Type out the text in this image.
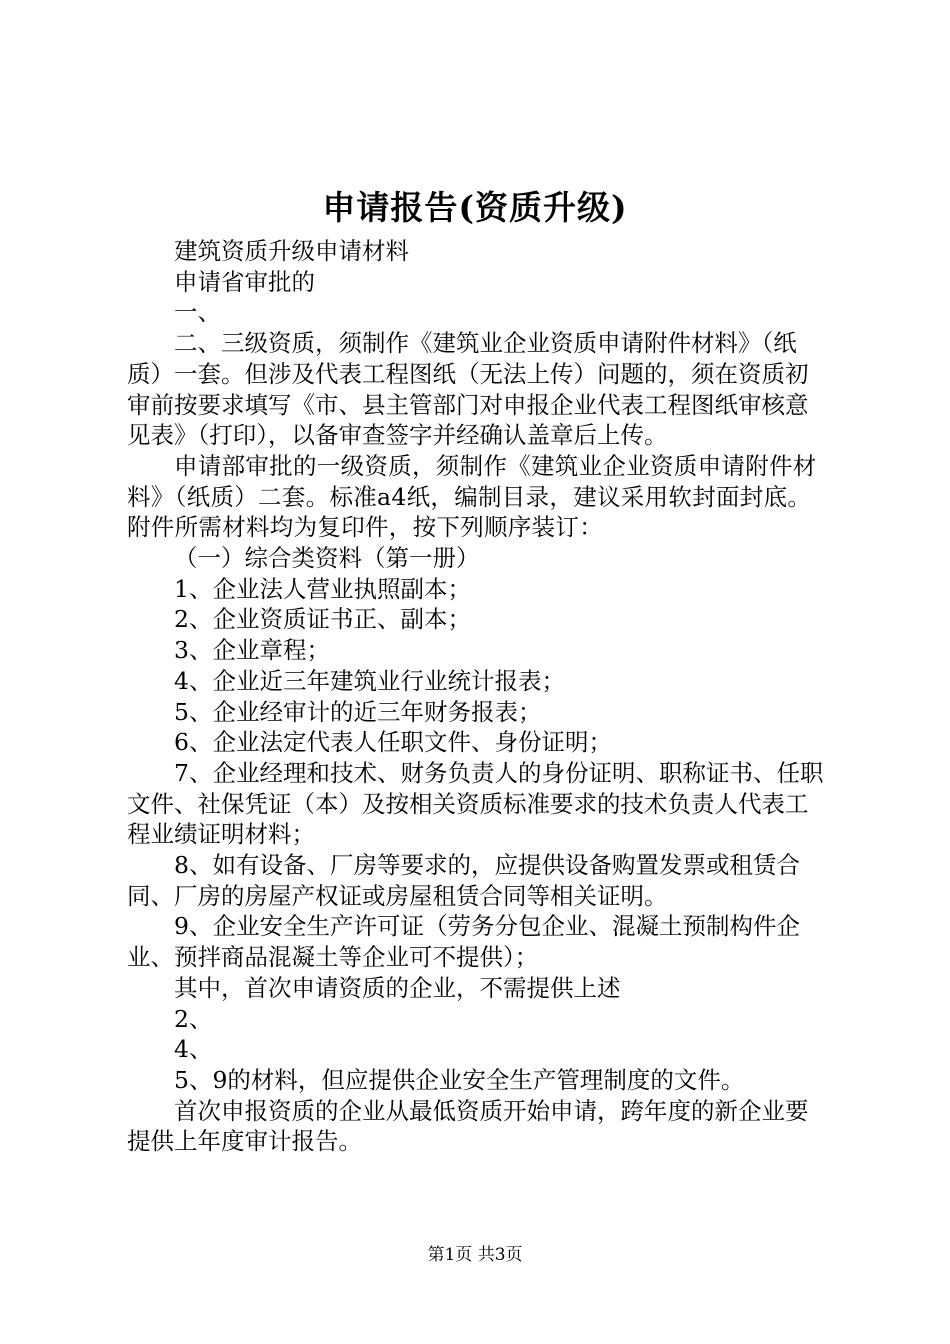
申请报告(资质升级)

建筑资质升级申请材料

申请省审批的

一、

二、三级资质，须制作《建筑业企业资质申请附件材料》（纸质）一套。但涉及代表工程图纸（无法上传）问题的，须在资质初审前按要求填写《市、县主管部门对申报企业代表工程图纸审核意见表》（打印），以备审查签字并经确认盖章后上传。

申请部审批的一级资质，须制作《建筑业企业资质申请附件材料》（纸质）二套。标准a4纸，编制目录，建议采用软封面封底。附件所需材料均为复印件，按下列顺序装订：

（一）综合类资料（第一册）

1、企业法人营业执照副本；

2、企业资质证书正、副本；

3、企业章程；

4、企业近三年建筑业行业统计报表；

5、企业经审计的近三年财务报表；

6、企业法定代表人任职文件、身份证明；

7、企业经理和技术、财务负责人的身份证明、职称证书、任职文件、社保凭证（本）及按相关资质标准要求的技术负责人代表工程业绩证明材料；

8、如有设备、厂房等要求的，应提供设备购置发票或租赁合同、厂房的房屋产权证或房屋租赁合同等相关证明。

9、企业安全生产许可证（劳务分包企业、混凝土预制构件企业、预拌商品混凝土等企业可不提供）；

其中，首次申请资质的企业，不需提供上述

2、

4、

5、9的材料，但应提供企业安全生产管理制度的文件。

首次申报资质的企业从最低资质开始申请，跨年度的新企业要提供上年度审计报告。

第1页 共3页
